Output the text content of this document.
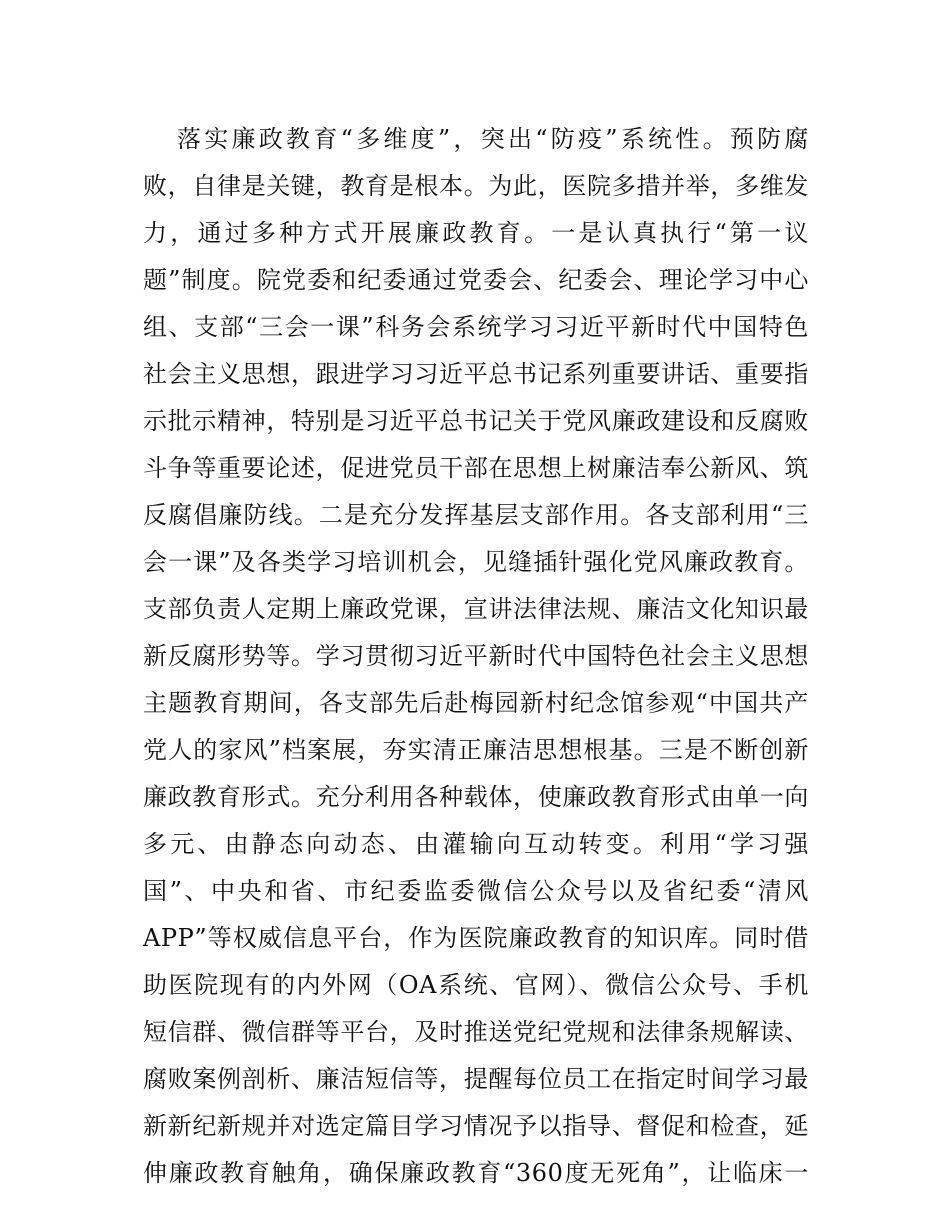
落实廉政教育“多维度”，突出“防疫”系统性。预防腐
败，自律是关键，教育是根本。为此，医院多措并举，多维发
力，通过多种方式开展廉政教育。一是认真执行“第一议
题”制度。院党委和纪委通过党委会、纪委会、理论学习中心
组、支部“三会一课”科务会系统学习习近平新时代中国特色
社会主义思想，跟进学习习近平总书记系列重要讲话、重要指
示批示精神，特别是习近平总书记关于党风廉政建设和反腐败
斗争等重要论述，促进党员干部在思想上树廉洁奉公新风、筑
反腐倡廉防线。二是充分发挥基层支部作用。各支部利用“三
会一课”及各类学习培训机会，见缝插针强化党风廉政教育。
支部负责人定期上廉政党课，宣讲法律法规、廉洁文化知识最
新反腐形势等。学习贯彻习近平新时代中国特色社会主义思想
主题教育期间，各支部先后赴梅园新村纪念馆参观“中国共产
党人的家风”档案展，夯实清正廉洁思想根基。三是不断创新
廉政教育形式。充分利用各种载体，使廉政教育形式由单一向
多元、由静态向动态、由灌输向互动转变。利用“学习强
国”、中央和省、市纪委监委微信公众号以及省纪委“清风
APP”等权威信息平台，作为医院廉政教育的知识库。同时借
助医院现有的内外网（OA系统、官网）、微信公众号、手机
短信群、微信群等平台，及时推送党纪党规和法律条规解读、
腐败案例剖析、廉洁短信等，提醒每位员工在指定时间学习最
新新纪新规并对选定篇目学习情况予以指导、督促和检查，延
伸廉政教育触角，确保廉政教育“360度无死角”，让临床一
